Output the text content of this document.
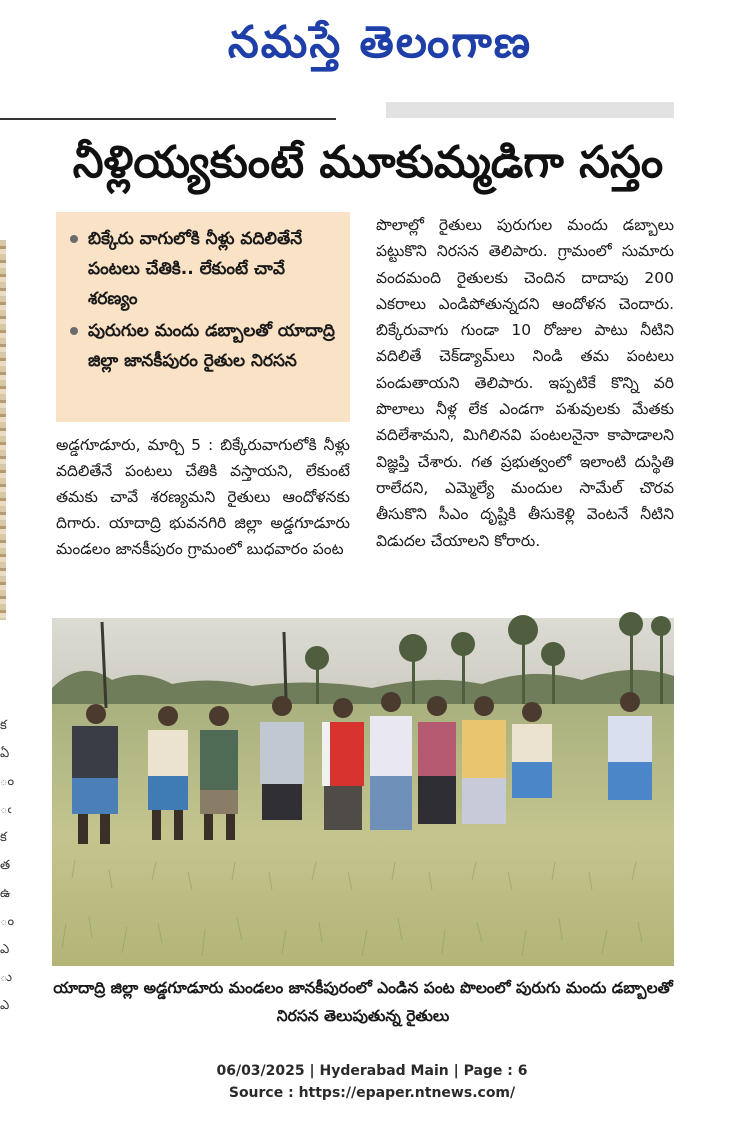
నమస్తే తెలంగాణ
క ఏ ం ఁ క త ఉ ం ఎ ు ఎ
నీళ్లియ్యకుంటే మూకుమ్మడిగా సస్తం
బిక్కేరు వాగులోకి నీళ్లు వదిలితేనే పంటలు చేతికి.. లేకుంటే చావే శరణ్యం
పురుగుల మందు డబ్బాలతో యాదాద్రి జిల్లా జానకీపురం రైతుల నిరసన

అడ్డగూడూరు, మార్చి 5 : బిక్కేరువాగులోకి నీళ్లు వదిలితేనే పంటలు చేతికి వస్తాయని, లేకుంటే తమకు చావే శరణ్యమని రైతులు ఆందోళనకు దిగారు. యాదాద్రి భువనగిరి జిల్లా అడ్డగూడూరు మండలం జానకీపురం గ్రామంలో బుధవారం పంట

పొలాల్లో రైతులు పురుగుల మందు డబ్బాలు పట్టుకొని నిరసన తెలిపారు. గ్రామంలో సుమారు వందమంది రైతులకు చెందిన దాదాపు 200 ఎకరాలు ఎండిపోతున్నదని ఆందోళన చెందారు. బిక్కేరువాగు గుండా 10 రోజుల పాటు నీటిని వదిలితే చెక్‌డ్యామ్‌లు నిండి తమ పంటలు పండుతాయని తెలిపారు. ఇప్పటికే కొన్ని వరి పొలాలు నీళ్ల లేక ఎండగా పశువులకు మేతకు వదిలేశామని, మిగిలినవి పంటలనైనా కాపాడాలని విజ్ఞప్తి చేశారు. గత ప్రభుత్వంలో ఇలాంటి దుస్థితి రాలేదని, ఎమ్మెల్యే మందుల సామేల్ చొరవ తీసుకొని సీఎం దృష్టికి తీసుకెళ్లి వెంటనే నీటిని విడుదల చేయాలని కోరారు.

యాదాద్రి జిల్లా అడ్డగూడూరు మండలం జానకీపురంలో ఎండిన పంట పొలంలో పురుగు మందు డబ్బాలతో నిరసన తెలుపుతున్న రైతులు
06/03/2025 | Hyderabad Main | Page : 6
Source : https://epaper.ntnews.com/
